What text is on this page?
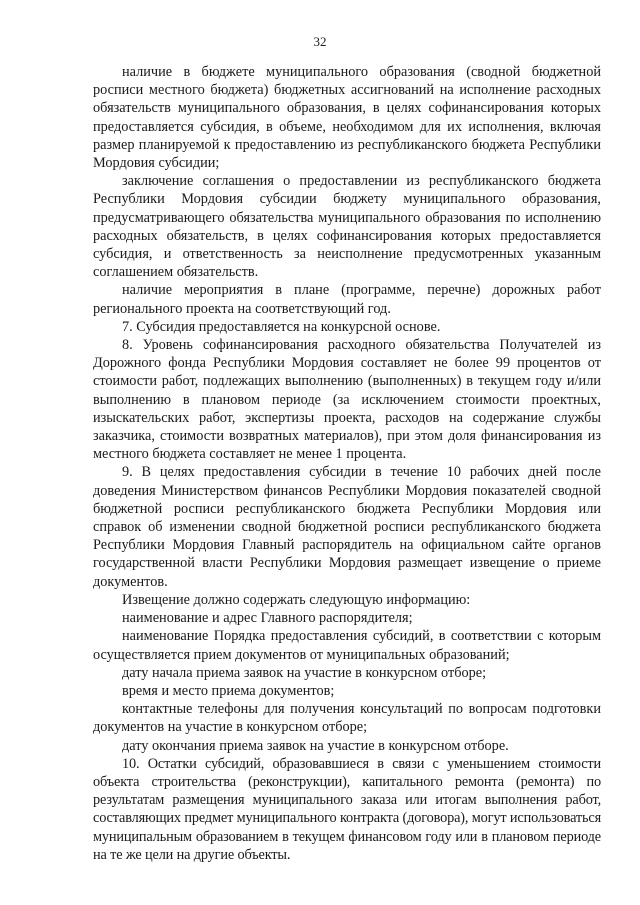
32

наличие в бюджете муниципального образования (сводной бюджетной росписи местного бюджета) бюджетных ассигнований на исполнение расходных обязательств муниципального образования, в целях софинансирования которых предоставляется субсидия, в объеме, необходимом для их исполнения, включая размер планируемой к предоставлению из республиканского бюджета Республики Мордовия субсидии;

заключение соглашения о предоставлении из республиканского бюджета Республики Мордовия субсидии бюджету муниципального образования, предусматривающего обязательства муниципального образования по исполнению расходных обязательств, в целях софинансирования которых предоставляется субсидия, и ответственность за неисполнение предусмотренных указанным соглашением обязательств.

наличие мероприятия в плане (программе, перечне) дорожных работ регионального проекта на соответствующий год.

7. Субсидия предоставляется на конкурсной основе.

8. Уровень софинансирования расходного обязательства Получателей из Дорожного фонда Республики Мордовия составляет не более 99 процентов от стоимости работ, подлежащих выполнению (выполненных) в текущем году и/или выполнению в плановом периоде (за исключением стоимости проектных, изыскательских работ, экспертизы проекта, расходов на содержание службы заказчика, стоимости возвратных материалов), при этом доля финансирования из местного бюджета составляет не менее 1 процента.

9. В целях предоставления субсидии в течение 10 рабочих дней после доведения Министерством финансов Республики Мордовия показателей сводной бюджетной росписи республиканского бюджета Республики Мордовия или справок об изменении сводной бюджетной росписи республиканского бюджета Республики Мордовия Главный распорядитель на официальном сайте органов государственной власти Республики Мордовия размещает извещение о приеме документов.

Извещение должно содержать следующую информацию:

наименование и адрес Главного распорядителя;

наименование Порядка предоставления субсидий, в соответствии с которым осуществляется прием документов от муниципальных образований;

дату начала приема заявок на участие в конкурсном отборе;

время и место приема документов;

контактные телефоны для получения консультаций по вопросам подготовки документов на участие в конкурсном отборе;

дату окончания приема заявок на участие в конкурсном отборе.

10. Остатки субсидий, образовавшиеся в связи с уменьшением стоимости объекта строительства (реконструкции), капитального ремонта (ремонта) по результатам размещения муниципального заказа или итогам выполнения работ, составляющих предмет муниципального контракта (договора), могут использоваться муниципальным образованием в текущем финансовом году или в плановом периоде на те же цели на другие объекты.
